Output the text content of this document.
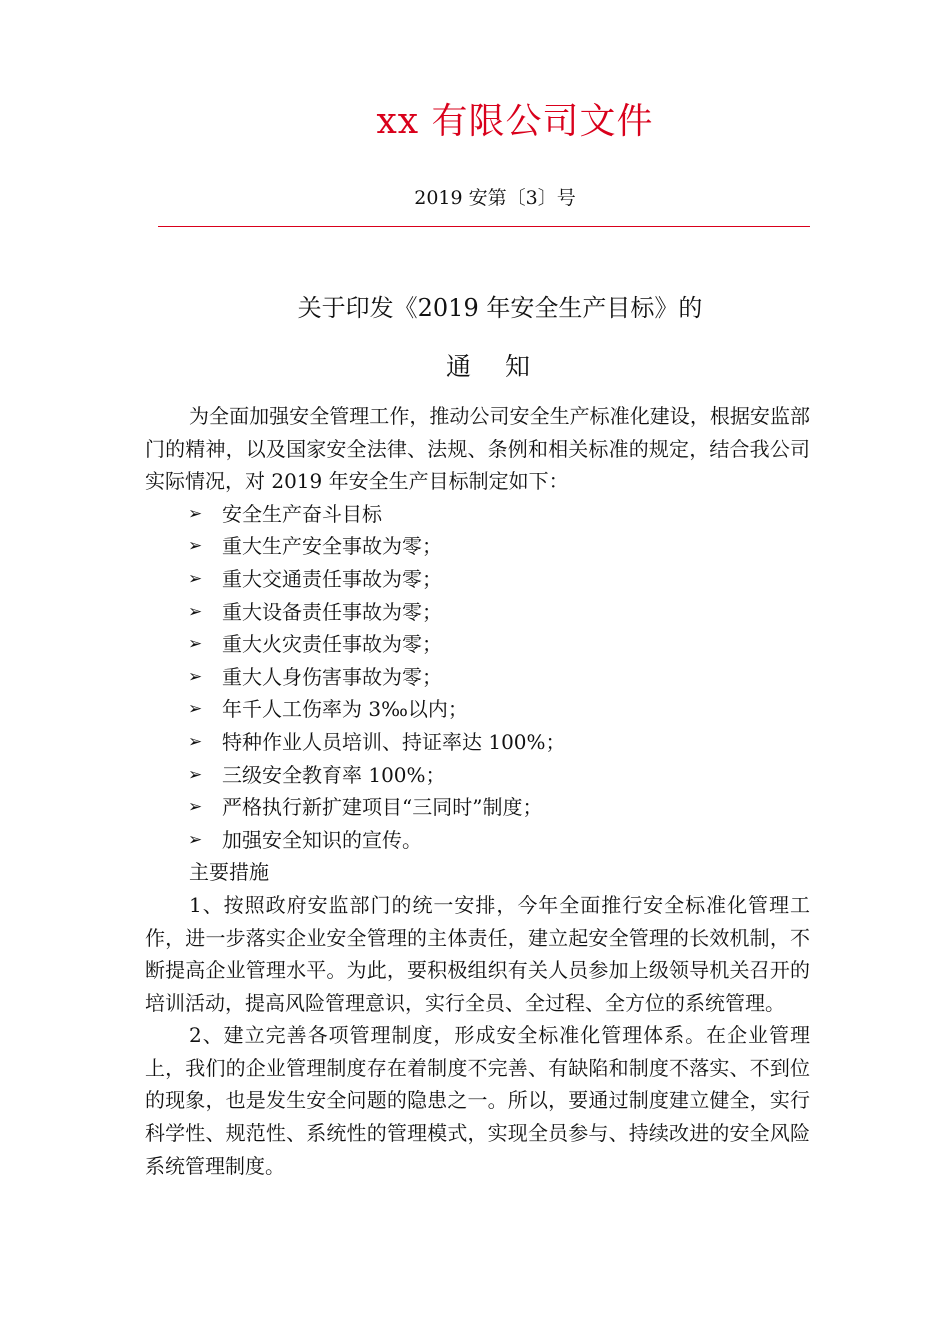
xx 有限公司文件
2019 安第〔3〕号
关于印发《2019 年安全生产目标》的
通知

为全面加强安全管理工作，推动公司安全生产标准化建设，根据安监部门的精神，以及国家安全法律、法规、条例和相关标准的规定，结合我公司实际情况，对 2019 年安全生产目标制定如下：

➢ 安全生产奋斗目标
➢ 重大生产安全事故为零；
➢ 重大交通责任事故为零；
➢ 重大设备责任事故为零；
➢ 重大火灾责任事故为零；
➢ 重大人身伤害事故为零；
➢ 年千人工伤率为 3‰以内；
➢ 特种作业人员培训、持证率达 100%；
➢ 三级安全教育率 100%；
➢ 严格执行新扩建项目“三同时”制度；
➢ 加强安全知识的宣传。
主要措施

1、按照政府安监部门的统一安排，今年全面推行安全标准化管理工作，进一步落实企业安全管理的主体责任，建立起安全管理的长效机制，不断提高企业管理水平。为此，要积极组织有关人员参加上级领导机关召开的培训活动，提高风险管理意识，实行全员、全过程、全方位的系统管理。

2、建立完善各项管理制度，形成安全标准化管理体系。在企业管理上，我们的企业管理制度存在着制度不完善、有缺陷和制度不落实、不到位的现象，也是发生安全问题的隐患之一。所以，要通过制度建立健全，实行科学性、规范性、系统性的管理模式，实现全员参与、持续改进的安全风险系统管理制度。
